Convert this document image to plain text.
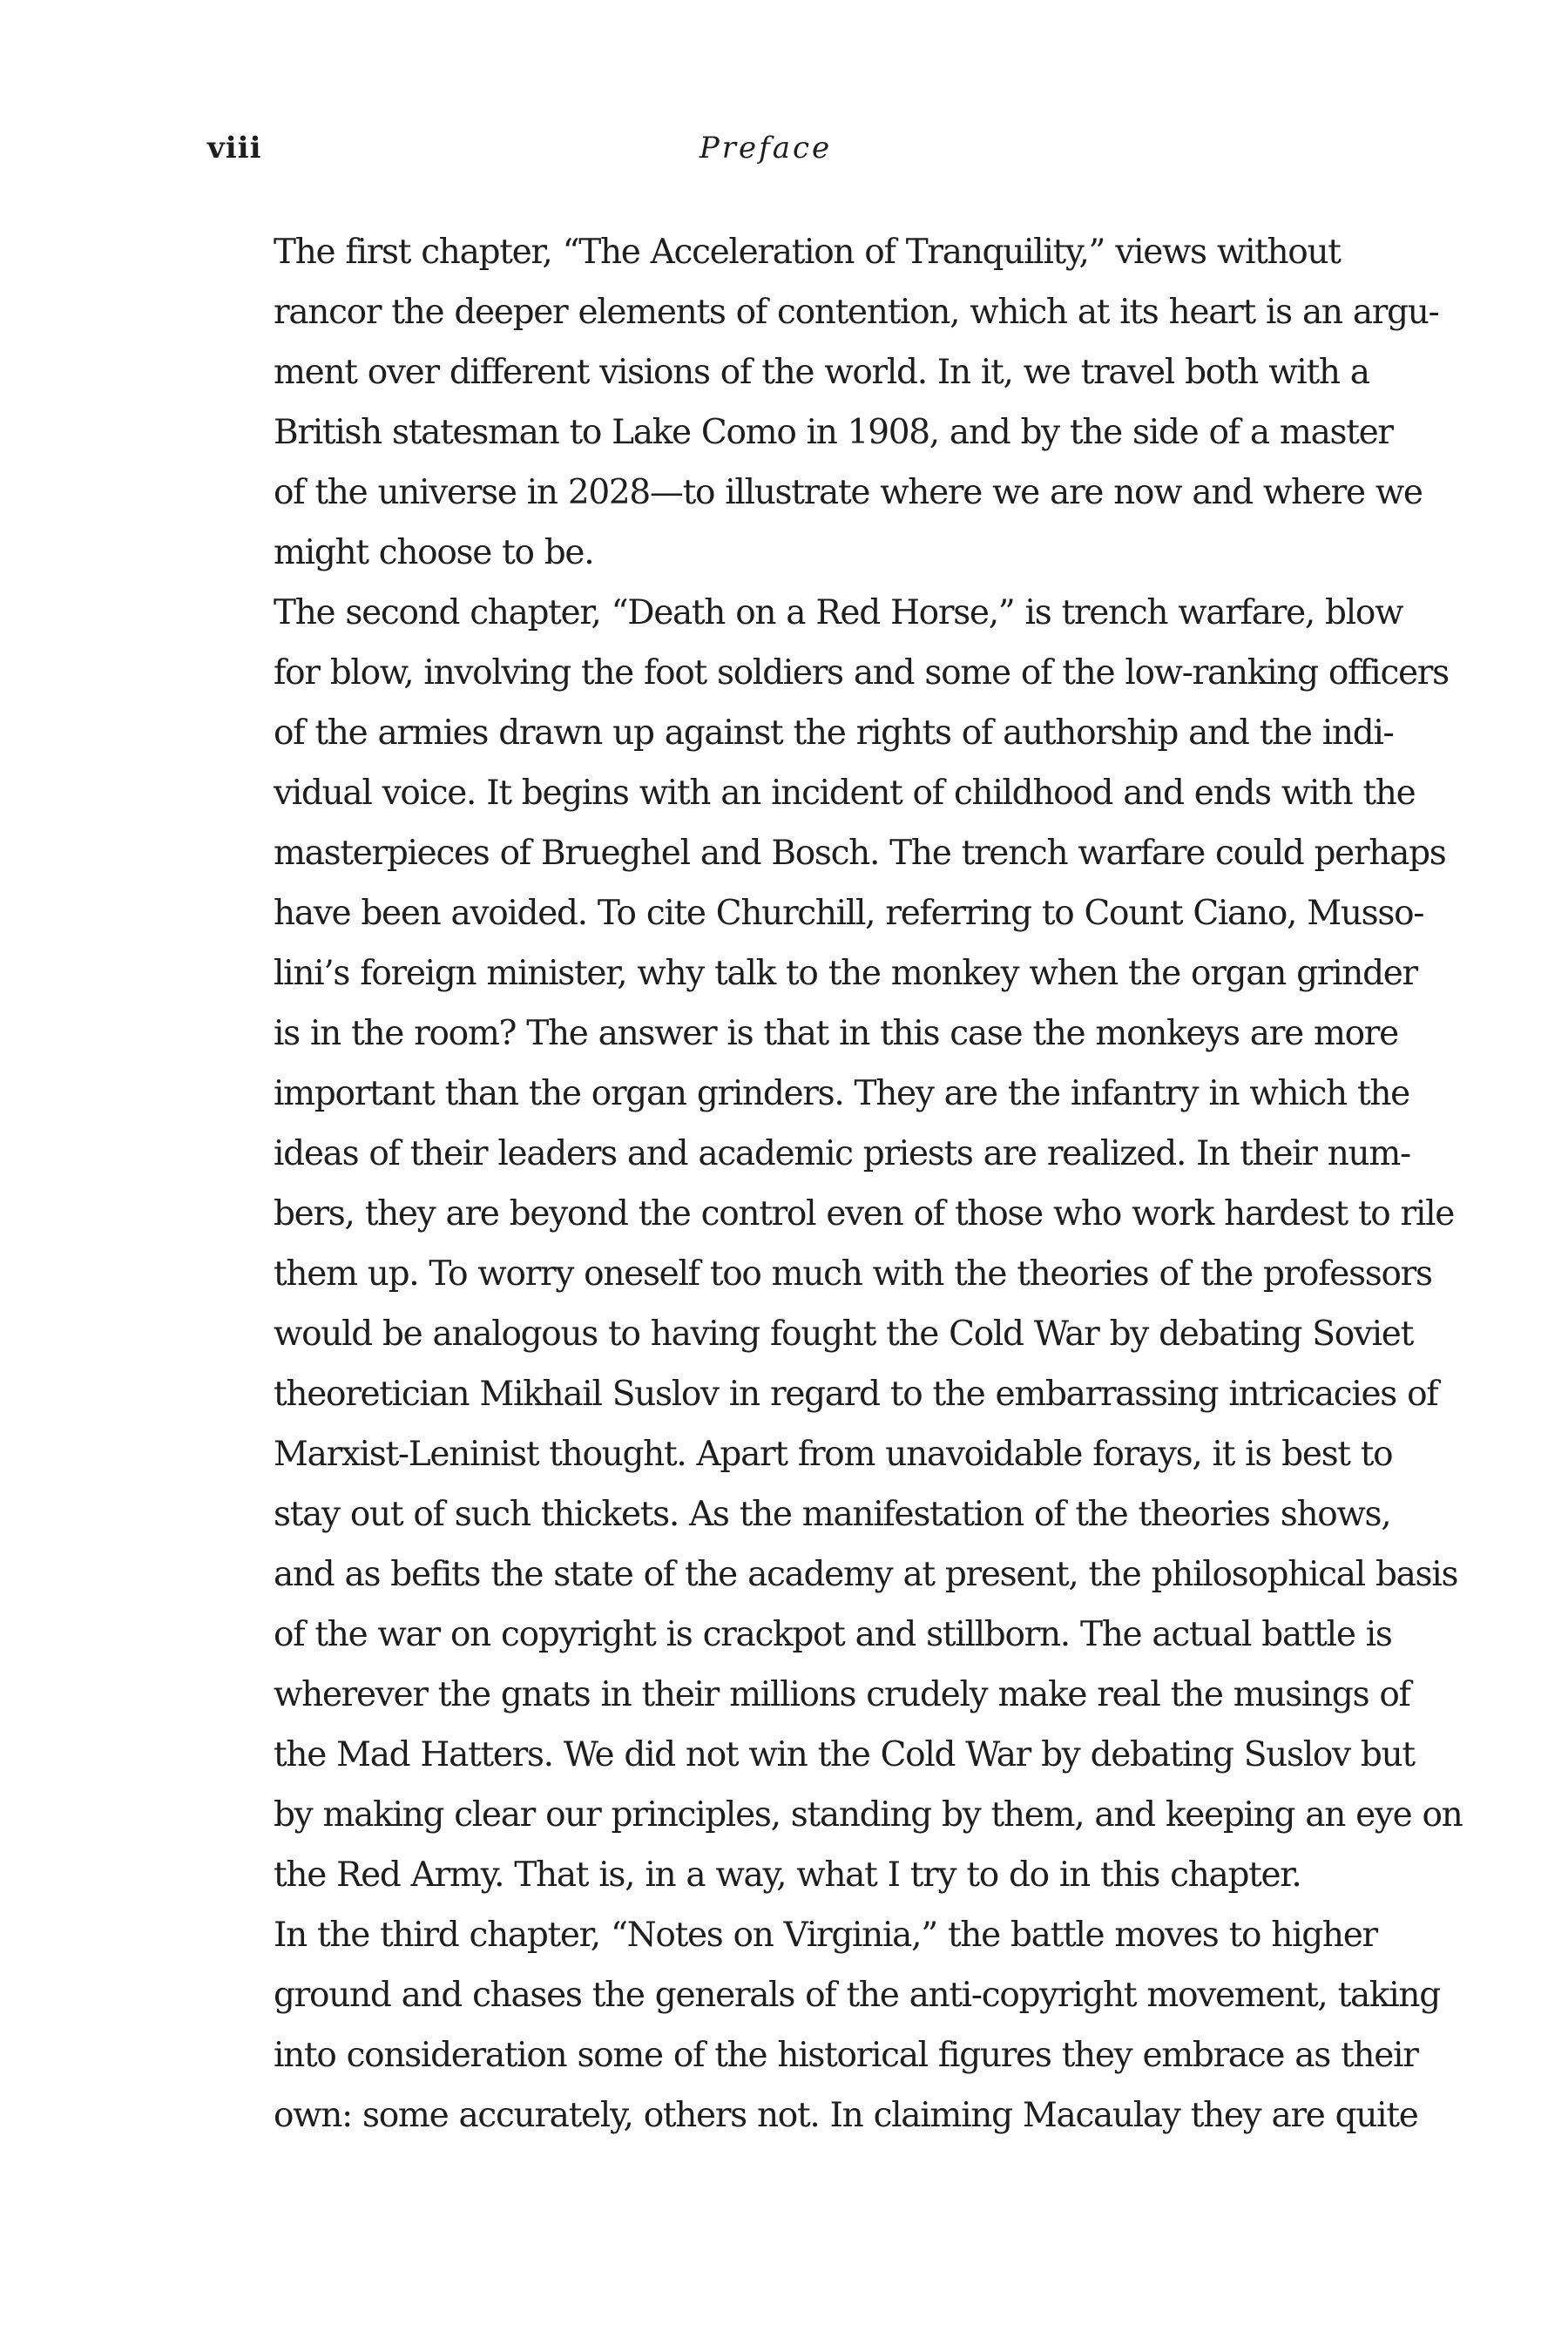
viii	Preface

The first chapter, “The Acceleration of Tranquility,” views without
rancor the deeper elements of contention, which at its heart is an argu-
ment over different visions of the world. In it, we travel both with a
British statesman to Lake Como in 1908, and by the side of a master
of the universe in 2028—to illustrate where we are now and where we
might choose to be.

The second chapter, “Death on a Red Horse,” is trench warfare, blow
for blow, involving the foot soldiers and some of the low-ranking officers
of the armies drawn up against the rights of authorship and the indi-
vidual voice. It begins with an incident of childhood and ends with the
masterpieces of Brueghel and Bosch. The trench warfare could perhaps
have been avoided. To cite Churchill, referring to Count Ciano, Musso-
lini’s foreign minister, why talk to the monkey when the organ grinder
is in the room? The answer is that in this case the monkeys are more
important than the organ grinders. They are the infantry in which the
ideas of their leaders and academic priests are realized. In their num-
bers, they are beyond the control even of those who work hardest to rile
them up. To worry oneself too much with the theories of the professors
would be analogous to having fought the Cold War by debating Soviet
theoretician Mikhail Suslov in regard to the embarrassing intricacies of
Marxist-Leninist thought. Apart from unavoidable forays, it is best to
stay out of such thickets. As the manifestation of the theories shows,
and as befits the state of the academy at present, the philosophical basis
of the war on copyright is crackpot and stillborn. The actual battle is
wherever the gnats in their millions crudely make real the musings of
the Mad Hatters. We did not win the Cold War by debating Suslov but
by making clear our principles, standing by them, and keeping an eye on
the Red Army. That is, in a way, what I try to do in this chapter.

In the third chapter, “Notes on Virginia,” the battle moves to higher
ground and chases the generals of the anti-copyright movement, taking
into consideration some of the historical figures they embrace as their
own: some accurately, others not. In claiming Macaulay they are quite
